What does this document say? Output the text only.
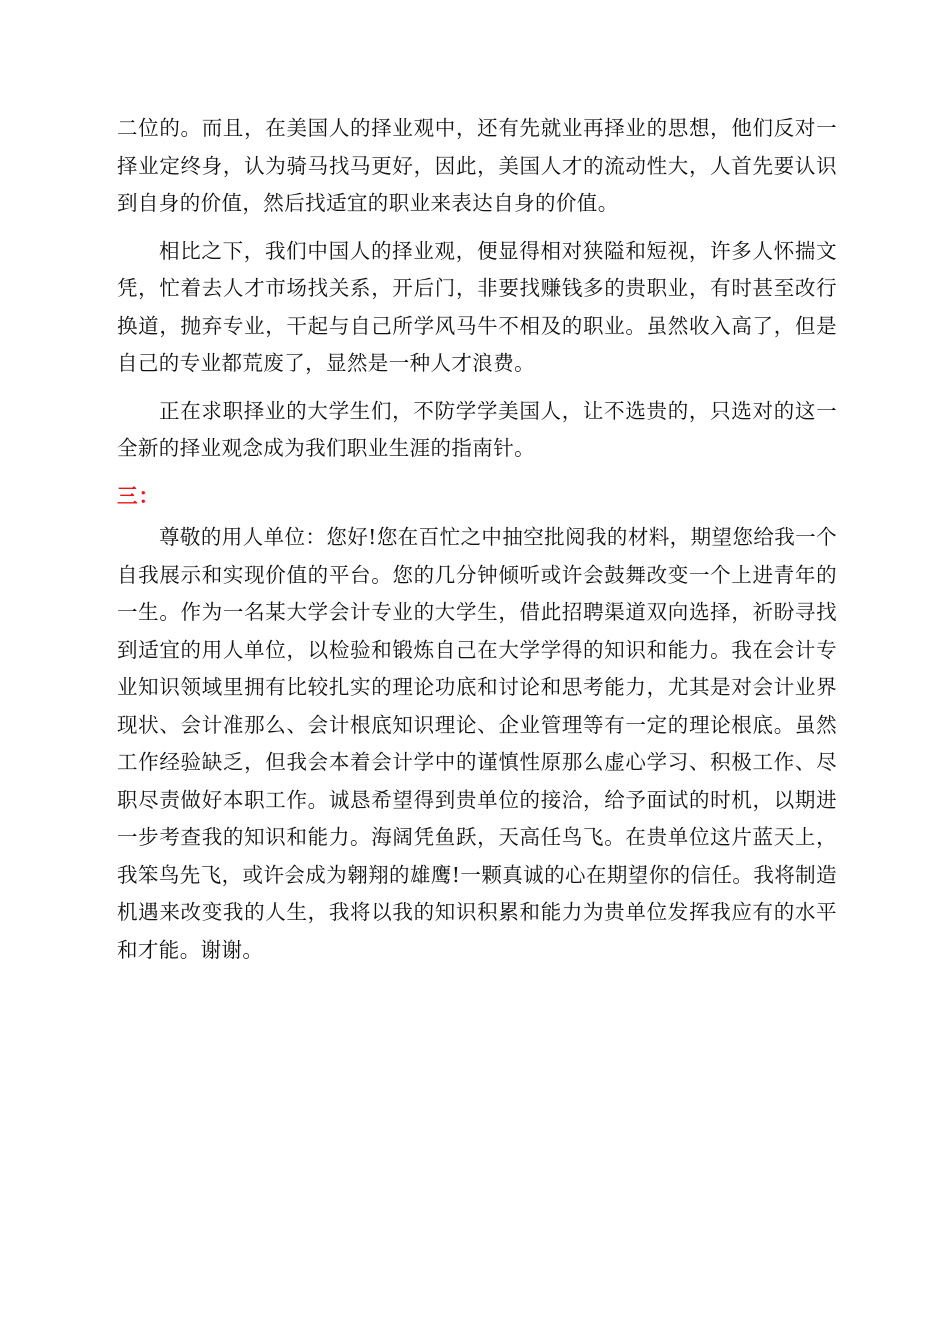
二位的。而且，在美国人的择业观中，还有先就业再择业的思想，他们反对一择业定终身，认为骑马找马更好，因此，美国人才的流动性大，人首先要认识到自身的价值，然后找适宜的职业来表达自身的价值。

相比之下，我们中国人的择业观，便显得相对狭隘和短视，许多人怀揣文凭，忙着去人才市场找关系，开后门，非要找赚钱多的贵职业，有时甚至改行换道，抛弃专业，干起与自己所学风马牛不相及的职业。虽然收入高了，但是自己的专业都荒废了，显然是一种人才浪费。

正在求职择业的大学生们，不防学学美国人，让不选贵的，只选对的这一全新的择业观念成为我们职业生涯的指南针。

三：

尊敬的用人单位：您好!您在百忙之中抽空批阅我的材料，期望您给我一个自我展示和实现价值的平台。您的几分钟倾听或许会鼓舞改变一个上进青年的一生。作为一名某大学会计专业的大学生，借此招聘渠道双向选择，祈盼寻找到适宜的用人单位，以检验和锻炼自己在大学学得的知识和能力。我在会计专业知识领域里拥有比较扎实的理论功底和讨论和思考能力，尤其是对会计业界现状、会计准那么、会计根底知识理论、企业管理等有一定的理论根底。虽然工作经验缺乏，但我会本着会计学中的谨慎性原那么虚心学习、积极工作、尽职尽责做好本职工作。诚恳希望得到贵单位的接洽，给予面试的时机，以期进一步考查我的知识和能力。海阔凭鱼跃，天高任鸟飞。在贵单位这片蓝天上，我笨鸟先飞，或许会成为翱翔的雄鹰!一颗真诚的心在期望你的信任。我将制造机遇来改变我的人生，我将以我的知识积累和能力为贵单位发挥我应有的水平和才能。谢谢。
